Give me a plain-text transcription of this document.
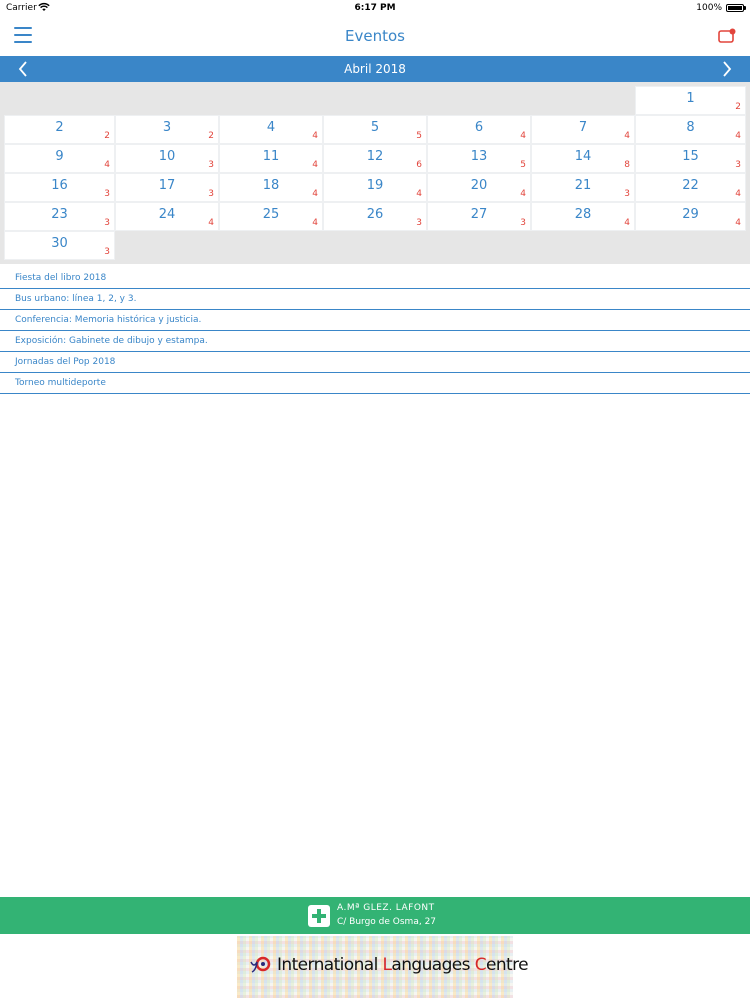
Carrier	6:17 PM	100%
Eventos
Abril 2018
1
2
2
2
3
2
4
4
5
5
6
4
7
4
8
4
9
4
10
3
11
4
12
6
13
5
14
8
15
3
16
3
17
3
18
4
19
4
20
4
21
3
22
4
23
3
24
4
25
4
26
3
27
3
28
4
29
4
30
3
Fiesta del libro 2018
Bus urbano: línea 1, 2, y 3.
Conferencia: Memoria histórica y justicia.
Exposición: Gabinete de dibujo y estampa.
Jornadas del Pop 2018
Torneo multideporte
A.Mª GLEZ. LAFONT
C/ Burgo de Osma, 27
International Languages Centre
